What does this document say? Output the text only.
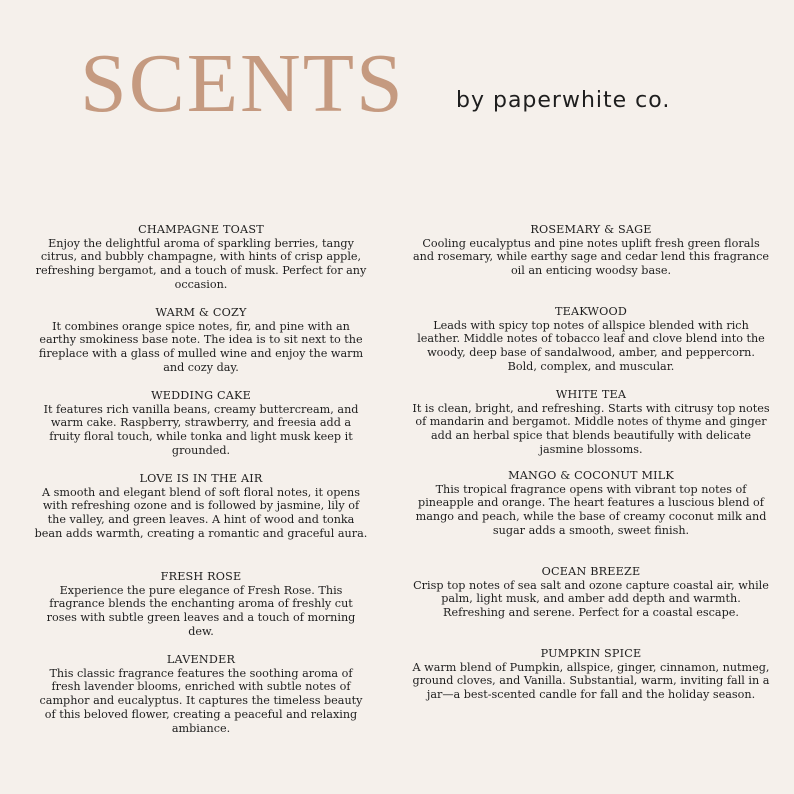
SCENTS by paperwhite co.
CHAMPAGNE TOAST
Enjoy the delightful aroma of sparkling berries, tangy citrus, and bubbly champagne, with hints of crisp apple, refreshing bergamot, and a touch of musk. Perfect for any occasion.
WARM & COZY
It combines orange spice notes, fir, and pine with an earthy smokiness base note. The idea is to sit next to the fireplace with a glass of mulled wine and enjoy the warm and cozy day.
WEDDING CAKE
It features rich vanilla beans, creamy buttercream, and warm cake. Raspberry, strawberry, and freesia add a fruity floral touch, while tonka and light musk keep it grounded.
LOVE IS IN THE AIR
A smooth and elegant blend of soft floral notes, it opens with refreshing ozone and is followed by jasmine, lily of the valley, and green leaves. A hint of wood and tonka bean adds warmth, creating a romantic and graceful aura.
FRESH ROSE
Experience the pure elegance of Fresh Rose. This fragrance blends the enchanting aroma of freshly cut roses with subtle green leaves and a touch of morning dew.
LAVENDER
This classic fragrance features the soothing aroma of fresh lavender blooms, enriched with subtle notes of camphor and eucalyptus. It captures the timeless beauty of this beloved flower, creating a peaceful and relaxing ambiance.
ROSEMARY & SAGE
Cooling eucalyptus and pine notes uplift fresh green florals and rosemary, while earthy sage and cedar lend this fragrance oil an enticing woodsy base.
TEAKWOOD
Leads with spicy top notes of allspice blended with rich leather. Middle notes of tobacco leaf and clove blend into the woody, deep base of sandalwood, amber, and peppercorn. Bold, complex, and muscular.
WHITE TEA
It is clean, bright, and refreshing. Starts with citrusy top notes of mandarin and bergamot. Middle notes of thyme and ginger add an herbal spice that blends beautifully with delicate jasmine blossoms.
MANGO & COCONUT MILK
This tropical fragrance opens with vibrant top notes of pineapple and orange. The heart features a luscious blend of mango and peach, while the base of creamy coconut milk and sugar adds a smooth, sweet finish.
OCEAN BREEZE
Crisp top notes of sea salt and ozone capture coastal air, while palm, light musk, and amber add depth and warmth. Refreshing and serene. Perfect for a coastal escape.
PUMPKIN SPICE
A warm blend of Pumpkin, allspice, ginger, cinnamon, nutmeg, ground cloves, and Vanilla. Substantial, warm, inviting fall in a jar—a best-scented candle for fall and the holiday season.
